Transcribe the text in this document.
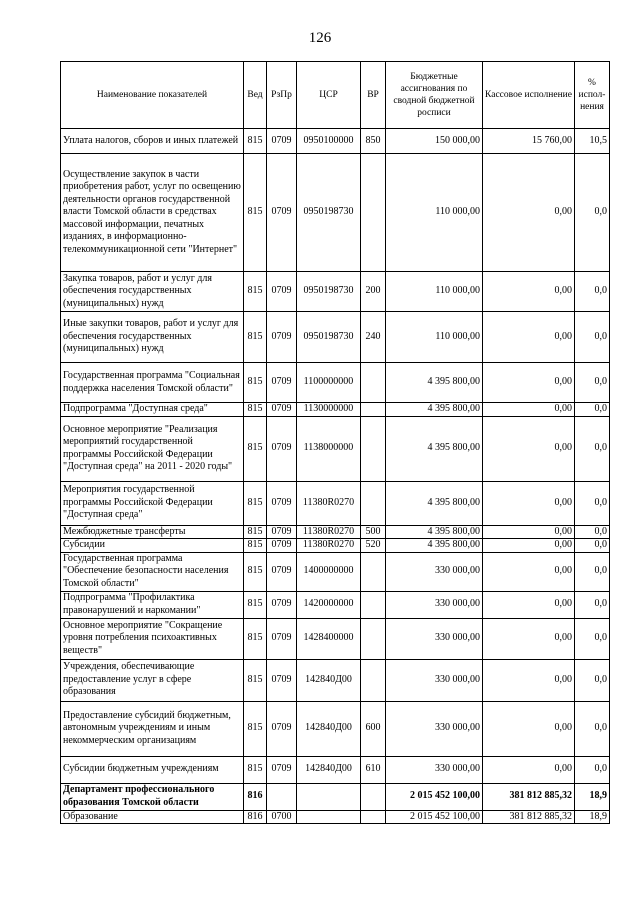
126
Наименование показателей	Вед	РзПр	ЦСР	ВР	Бюджетные ассигнования по сводной бюджетной росписи	Кассовое исполнение	% испол-нения
Уплата налогов, сборов и иных платежей	815	0709	0950100000	850	150 000,00	15 760,00	10,5
Осуществление закупок в части приобретения работ, услуг по освещению деятельности органов государственной власти Томской области в средствах массовой информации, печатных изданиях, в информационно-телекоммуникационной сети "Интернет"	815	0709	0950198730		110 000,00	0,00	0,0
Закупка товаров, работ и услуг для обеспечения государственных (муниципальных) нужд	815	0709	0950198730	200	110 000,00	0,00	0,0
Иные закупки товаров, работ и услуг для обеспечения государственных (муниципальных) нужд	815	0709	0950198730	240	110 000,00	0,00	0,0
Государственная программа "Социальная поддержка населения Томской области"	815	0709	1100000000		4 395 800,00	0,00	0,0
Подпрограмма "Доступная среда"	815	0709	1130000000		4 395 800,00	0,00	0,0
Основное мероприятие "Реализация мероприятий государственной программы Российской Федерации "Доступная среда" на 2011 - 2020 годы"	815	0709	1138000000		4 395 800,00	0,00	0,0
Мероприятия государственной программы Российской Федерации "Доступная среда"	815	0709	11380R0270		4 395 800,00	0,00	0,0
Межбюджетные трансферты	815	0709	11380R0270	500	4 395 800,00	0,00	0,0
Субсидии	815	0709	11380R0270	520	4 395 800,00	0,00	0,0
Государственная программа "Обеспечение безопасности населения Томской области"	815	0709	1400000000		330 000,00	0,00	0,0
Подпрограмма "Профилактика правонарушений и наркомании"	815	0709	1420000000		330 000,00	0,00	0,0
Основное мероприятие "Сокращение уровня потребления психоактивных веществ"	815	0709	1428400000		330 000,00	0,00	0,0
Учреждения, обеспечивающие предоставление услуг в сфере образования	815	0709	142840Д00		330 000,00	0,00	0,0
Предоставление субсидий бюджетным, автономным учреждениям и иным некоммерческим организациям	815	0709	142840Д00	600	330 000,00	0,00	0,0
Субсидии бюджетным учреждениям	815	0709	142840Д00	610	330 000,00	0,00	0,0
Департамент профессионального образования Томской области	816				2 015 452 100,00	381 812 885,32	18,9
Образование	816	0700			2 015 452 100,00	381 812 885,32	18,9
